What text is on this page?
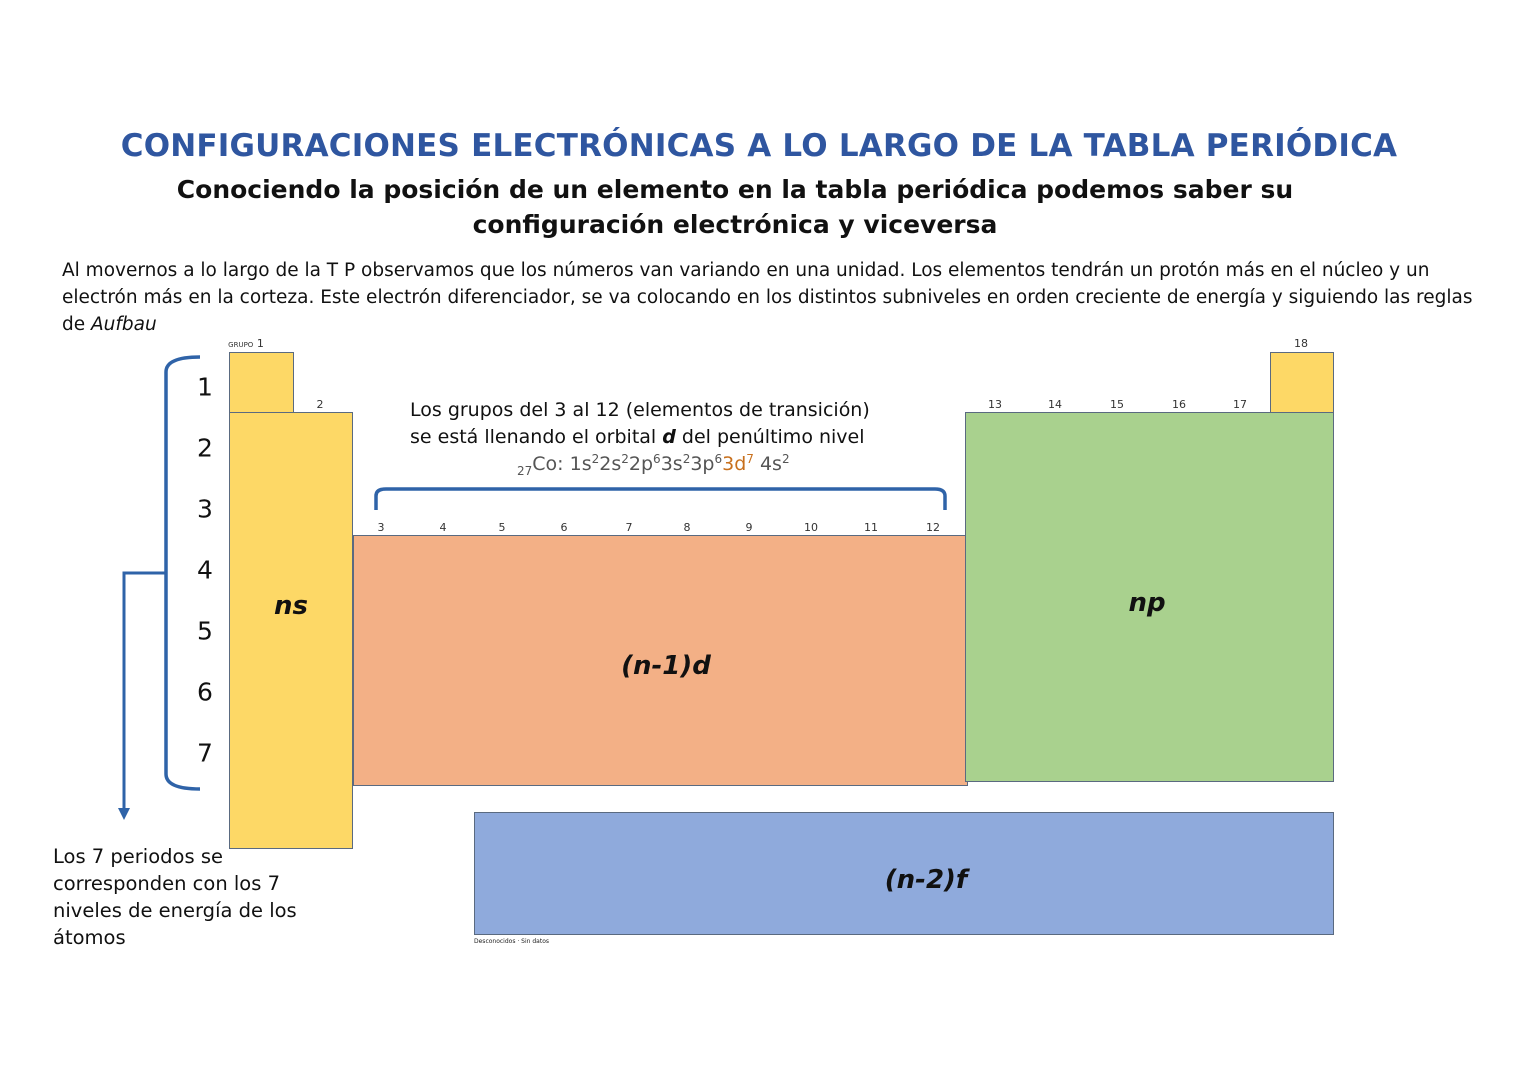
CONFIGURACIONES ELECTRÓNICAS A LO LARGO DE LA TABLA PERIÓDICA
Conociendo la posición de un elemento en la tabla periódica podemos saber su configuración electrónica y viceversa
Al movernos a lo largo de la T P observamos que los números van variando en una unidad. Los elementos tendrán un protón más en el núcleo y un electrón más en la corteza. Este electrón diferenciador, se va colocando en los distintos subniveles en orden creciente de energía y siguiendo las reglas de Aufbau
ns
(n-1)d
np
(n-2)f
GRUPO 1
2
18
3	4	5	6	7	8	9	10	11	12
13	14	15	16	17
1
2
3
4
5
6
7
Los grupos del 3 al 12 (elementos de transición)
se está llenando el orbital d del penúltimo nivel
$_{27}$Co: $1s^22s^22p^63s^23p^63d^7$ $4s^2$
Los 7 periodos se corresponden con los 7 niveles de energía de los átomos	Desconocidos · Sin datos
